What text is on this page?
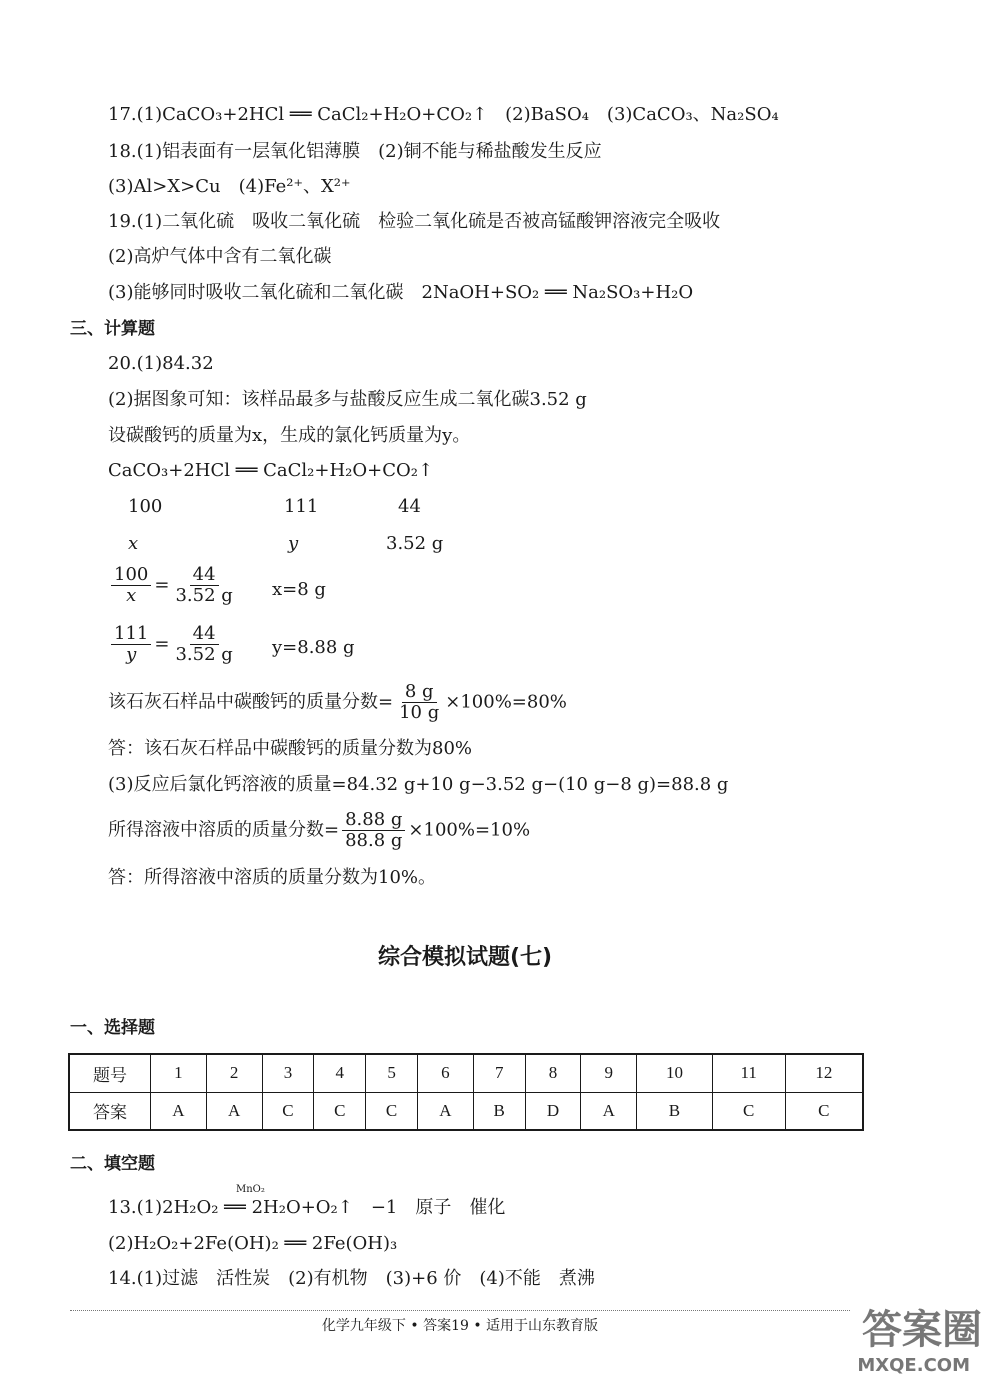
17.(1)CaCO₃+2HCl ══ CaCl₂+H₂O+CO₂↑　(2)BaSO₄　(3)CaCO₃、Na₂SO₄
18.(1)铝表面有一层氧化铝薄膜　(2)铜不能与稀盐酸发生反应
(3)Al>X>Cu　(4)Fe²⁺、X²⁺
19.(1)二氧化硫　吸收二氧化硫　检验二氧化硫是否被高锰酸钾溶液完全吸收
(2)高炉气体中含有二氧化碳
(3)能够同时吸收二氧化硫和二氧化碳　2NaOH+SO₂ ══ Na₂SO₃+H₂O
三、计算题
20.(1)84.32
(2)据图象可知：该样品最多与盐酸反应生成二氧化碳3.52 g
设碳酸钙的质量为x，生成的氯化钙质量为y。
CaCO₃+2HCl ══ CaCl₂+H₂O+CO₂↑
100	111	44
x	y	3.52 g
$\frac{100}{x} = \frac{44}{3.52 g} x=8$ g
$\frac{111}{y} = \frac{44}{3.52 g} y=8.88$ g
该石灰石样品中碳酸钙的质量分数= $\frac{8 g}{10 g} \times 100\%=80\%$
答：该石灰石样品中碳酸钙的质量分数为80%
(3)反应后氯化钙溶液的质量=84.32 g+10 g−3.52 g−(10 g−8 g)=88.8 g
所得溶液中溶质的质量分数= $\frac{8.88 g}{88.8 g} \times 100\%=10\%$
答：所得溶液中溶质的质量分数为10%。
综合模拟试题(七)
一、选择题
题号	1	2	3	4	5	6	7	8	9	10	11	12
答案	A	A	C	C	C	A	B	D	A	B	C	C
二、填空题
MnO₂
13.(1)2H₂O₂ ══ 2H₂O+O₂↑　−1　原子　催化
(2)H₂O₂+2Fe(OH)₂ ══ 2Fe(OH)₃
14.(1)过滤　活性炭　(2)有机物　(3)+6 价　(4)不能　煮沸
化学九年级下 • 答案19 • 适用于山东教育版	答案圈
MXQE.COM
